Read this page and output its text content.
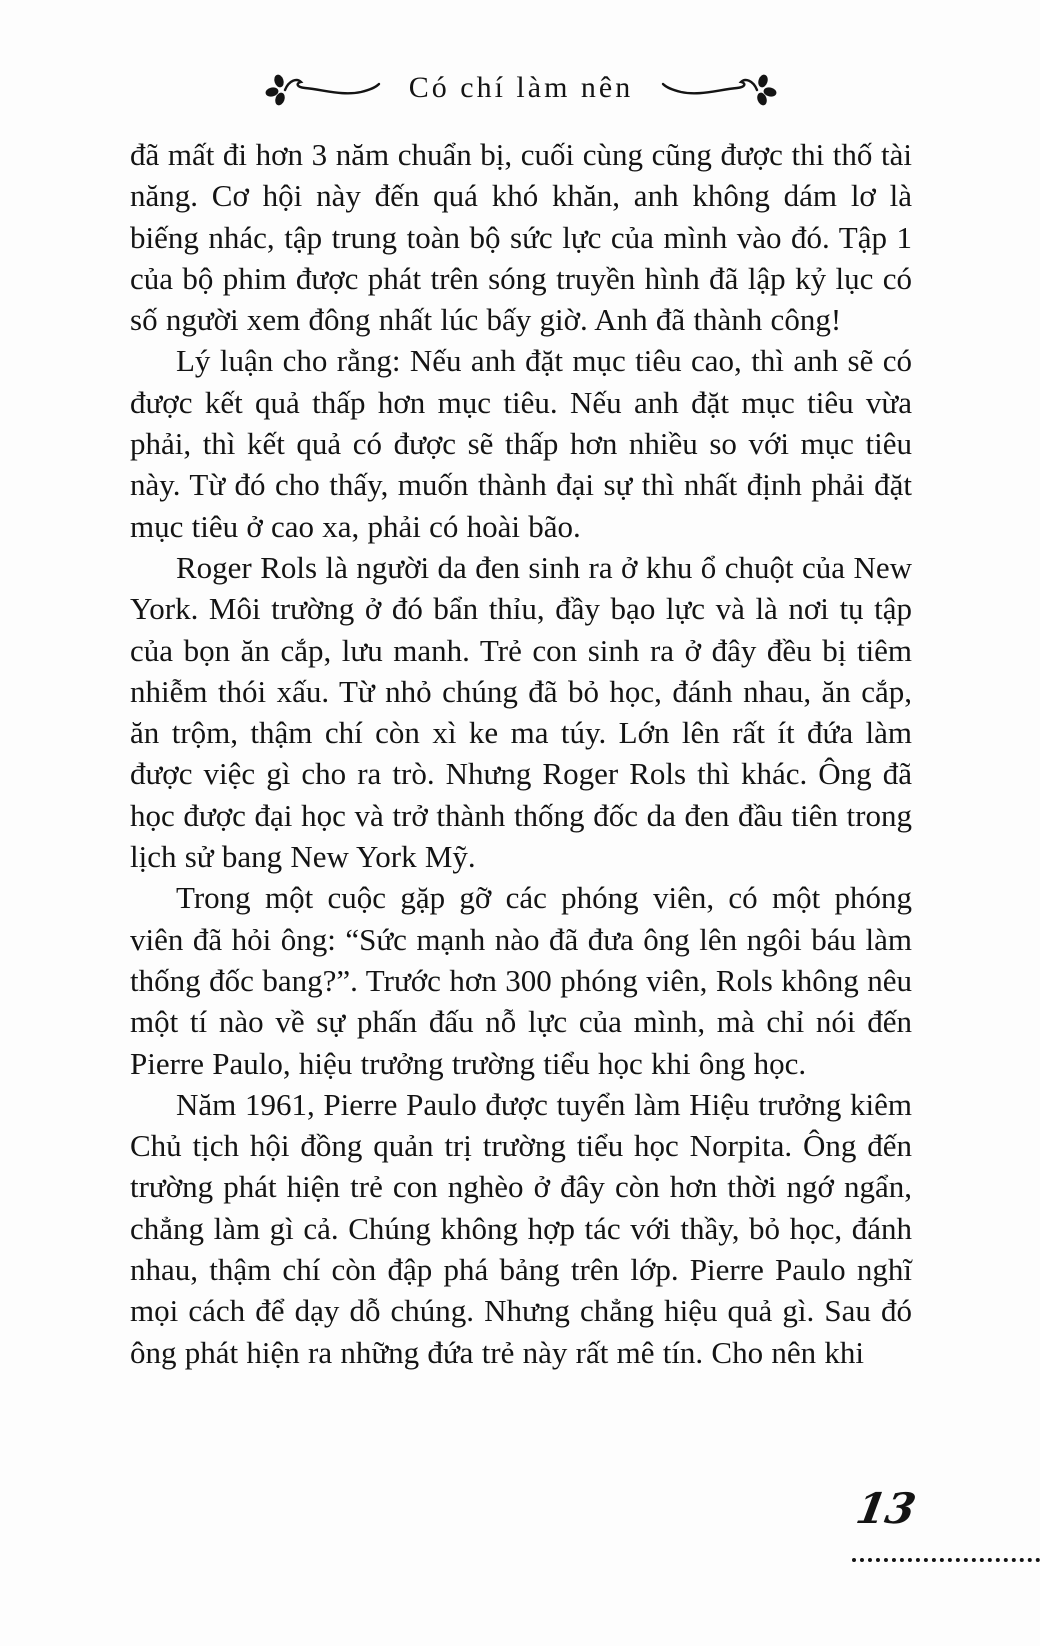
Có chí làm nên

đã mất đi hơn 3 năm chuẩn bị, cuối cùng cũng được thi thố tài năng. Cơ hội này đến quá khó khăn, anh không dám lơ là biếng nhác, tập trung toàn bộ sức lực của mình vào đó. Tập 1 của bộ phim được phát trên sóng truyền hình đã lập kỷ lục có số người xem đông nhất lúc bấy giờ. Anh đã thành công!

Lý luận cho rằng: Nếu anh đặt mục tiêu cao, thì anh sẽ có được kết quả thấp hơn mục tiêu. Nếu anh đặt mục tiêu vừa phải, thì kết quả có được sẽ thấp hơn nhiều so với mục tiêu này. Từ đó cho thấy, muốn thành đại sự thì nhất định phải đặt mục tiêu ở cao xa, phải có hoài bão.

Roger Rols là người da đen sinh ra ở khu ổ chuột của New York. Môi trường ở đó bẩn thỉu, đầy bạo lực và là nơi tụ tập của bọn ăn cắp, lưu manh. Trẻ con sinh ra ở đây đều bị tiêm nhiễm thói xấu. Từ nhỏ chúng đã bỏ học, đánh nhau, ăn cắp, ăn trộm, thậm chí còn xì ke ma túy. Lớn lên rất ít đứa làm được việc gì cho ra trò. Nhưng Roger Rols thì khác. Ông đã học được đại học và trở thành thống đốc da đen đầu tiên trong lịch sử bang New York Mỹ.

Trong một cuộc gặp gỡ các phóng viên, có một phóng viên đã hỏi ông: “Sức mạnh nào đã đưa ông lên ngôi báu làm thống đốc bang?”. Trước hơn 300 phóng viên, Rols không nêu một tí nào về sự phấn đấu nỗ lực của mình, mà chỉ nói đến Pierre Paulo, hiệu trưởng trường tiểu học khi ông học.

Năm 1961, Pierre Paulo được tuyển làm Hiệu trưởng kiêm Chủ tịch hội đồng quản trị trường tiểu học Norpita. Ông đến trường phát hiện trẻ con nghèo ở đây còn hơn thời ngớ ngẩn, chẳng làm gì cả. Chúng không hợp tác với thầy, bỏ học, đánh nhau, thậm chí còn đập phá bảng trên lớp. Pierre Paulo nghĩ mọi cách để dạy dỗ chúng. Nhưng chẳng hiệu quả gì. Sau đó ông phát hiện ra những đứa trẻ này rất mê tín. Cho nên khi

13
